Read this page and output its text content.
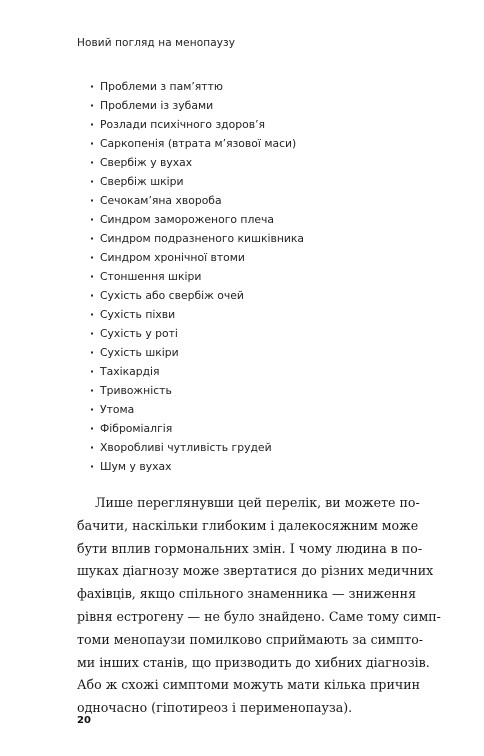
Новий погляд на менопаузу
· Проблеми з пам’яттю
· Проблеми із зубами
· Розлади психічного здоров’я
· Саркопенія (втрата м’язової маси)
· Свербіж у вухах
· Свербіж шкіри
· Сечокам’яна хвороба
· Синдром замороженого плеча
· Синдром подразненого кишківника
· Синдром хронічної втоми
· Стоншення шкіри
· Сухість або свербіж очей
· Сухість піхви
· Сухість у роті
· Сухість шкіри
· Тахікардія
· Тривожність
· Утома
· Фіброміалгія
· Хворобливі чутливість грудей
· Шум у вухах

Лише переглянувши цей перелік, ви можете по-
бачити, наскільки глибоким і далекосяжним може
бути вплив гормональних змін. І чому людина в по-
шуках діагнозу може звертатися до різних медичних
фахівців, якщо спільного знаменника — зниження
рівня естрогену — не було знайдено. Саме тому симп-
томи менопаузи помилково сприймають за симпто-
ми інших станів, що призводить до хибних діагнозів.
Або ж схожі симптоми можуть мати кілька причин
одночасно (гіпотиреоз і перименопауза).

20
